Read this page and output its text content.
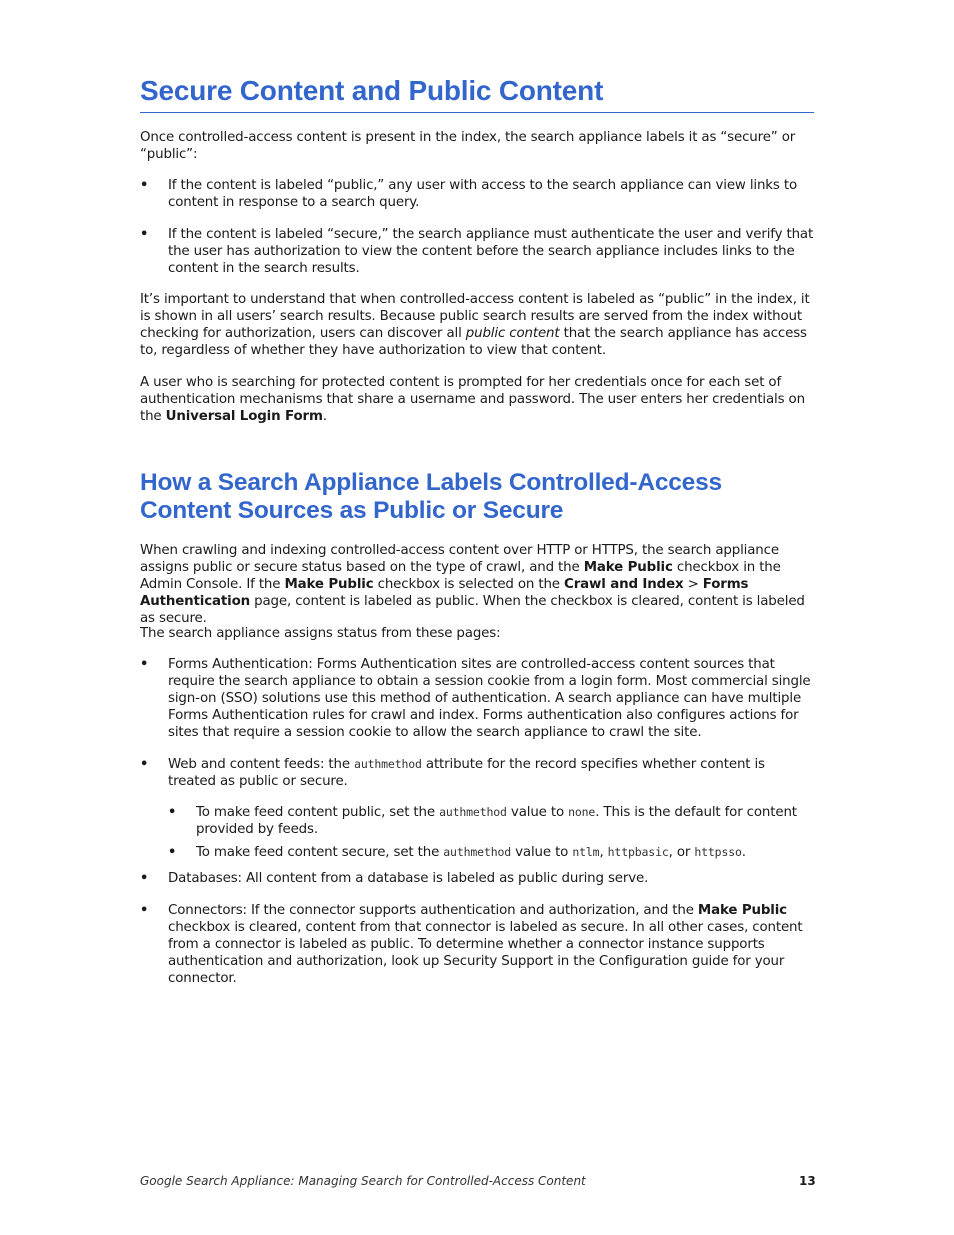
Secure Content and Public Content

Once controlled-access content is present in the index, the search appliance labels it as “secure” or “public”:

• If the content is labeled “public,” any user with access to the search appliance can view links to content in response to a search query.
• If the content is labeled “secure,” the search appliance must authenticate the user and verify that the user has authorization to view the content before the search appliance includes links to the content in the search results.

It’s important to understand that when controlled-access content is labeled as “public” in the index, it is shown in all users’ search results. Because public search results are served from the index without checking for authorization, users can discover all public content that the search appliance has access to, regardless of whether they have authorization to view that content.

A user who is searching for protected content is prompted for her credentials once for each set of authentication mechanisms that share a username and password. The user enters her credentials on the Universal Login Form.

How a Search Appliance Labels Controlled-Access Content Sources as Public or Secure

When crawling and indexing controlled-access content over HTTP or HTTPS, the search appliance assigns public or secure status based on the type of crawl, and the Make Public checkbox in the Admin Console. If the Make Public checkbox is selected on the Crawl and Index > Forms Authentication page, content is labeled as public. When the checkbox is cleared, content is labeled as secure.

The search appliance assigns status from these pages:

• Forms Authentication: Forms Authentication sites are controlled-access content sources that require the search appliance to obtain a session cookie from a login form. Most commercial single sign-on (SSO) solutions use this method of authentication. A search appliance can have multiple Forms Authentication rules for crawl and index. Forms authentication also configures actions for sites that require a session cookie to allow the search appliance to crawl the site.
• Web and content feeds: the authmethod attribute for the record specifies whether content is treated as public or secure.
• To make feed content public, set the authmethod value to none. This is the default for content provided by feeds.
• To make feed content secure, set the authmethod value to ntlm, httpbasic, or httpsso.
• Databases: All content from a database is labeled as public during serve.
• Connectors: If the connector supports authentication and authorization, and the Make Public checkbox is cleared, content from that connector is labeled as secure. In all other cases, content from a connector is labeled as public. To determine whether a connector instance supports authentication and authorization, look up Security Support in the Configuration guide for your connector.
Google Search Appliance: Managing Search for Controlled-Access Content	13
